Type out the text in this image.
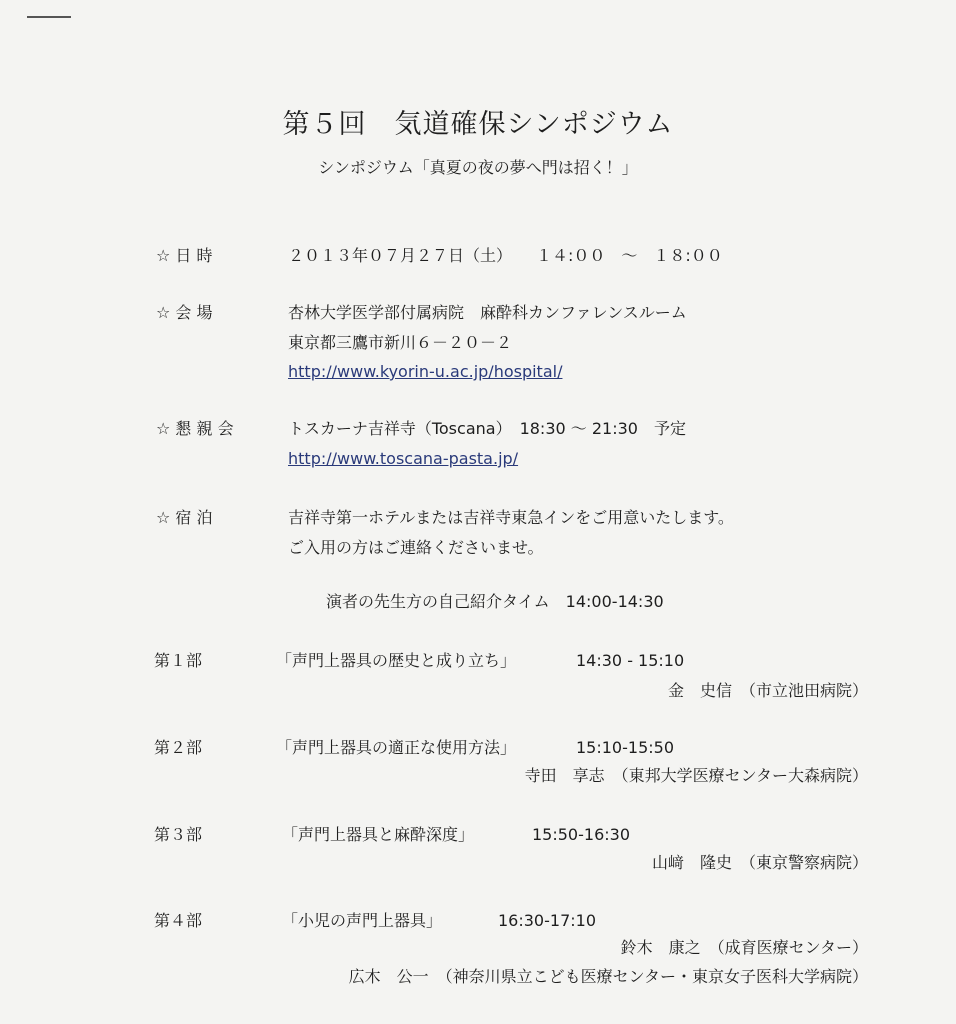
第５回　気道確保シンポジウム
シンポジウム「真夏の夜の夢へ門は招く！」
☆ 日 時	２０１３年０７月２７日（土）　　１４:００　～　１８:００
☆ 会 場	杏林大学医学部付属病院　麻酔科カンファレンスルーム
東京都三鷹市新川６－２０－２
http://www.kyorin-u.ac.jp/hospital/
☆ 懇 親 会	トスカーナ吉祥寺（Toscana）　18:30 ～ 21:30　予定
http://www.toscana-pasta.jp/
☆ 宿 泊	吉祥寺第一ホテルまたは吉祥寺東急インをご用意いたします。
ご入用の方はご連絡くださいませ。
演者の先生方の自己紹介タイム　14:00-14:30
第１部	「声門上器具の歴史と成り立ち」	14:30 - 15:10
金　史信　（市立池田病院）
第２部	「声門上器具の適正な使用方法」	15:10-15:50
寺田　享志　（東邦大学医療センター大森病院）
第３部	「声門上器具と麻酔深度」	15:50-16:30
山﨑　隆史　（東京警察病院）
第４部	「小児の声門上器具」	16:30-17:10
鈴木　康之　（成育医療センター）
広木　公一　（神奈川県立こども医療センター・東京女子医科大学病院）
